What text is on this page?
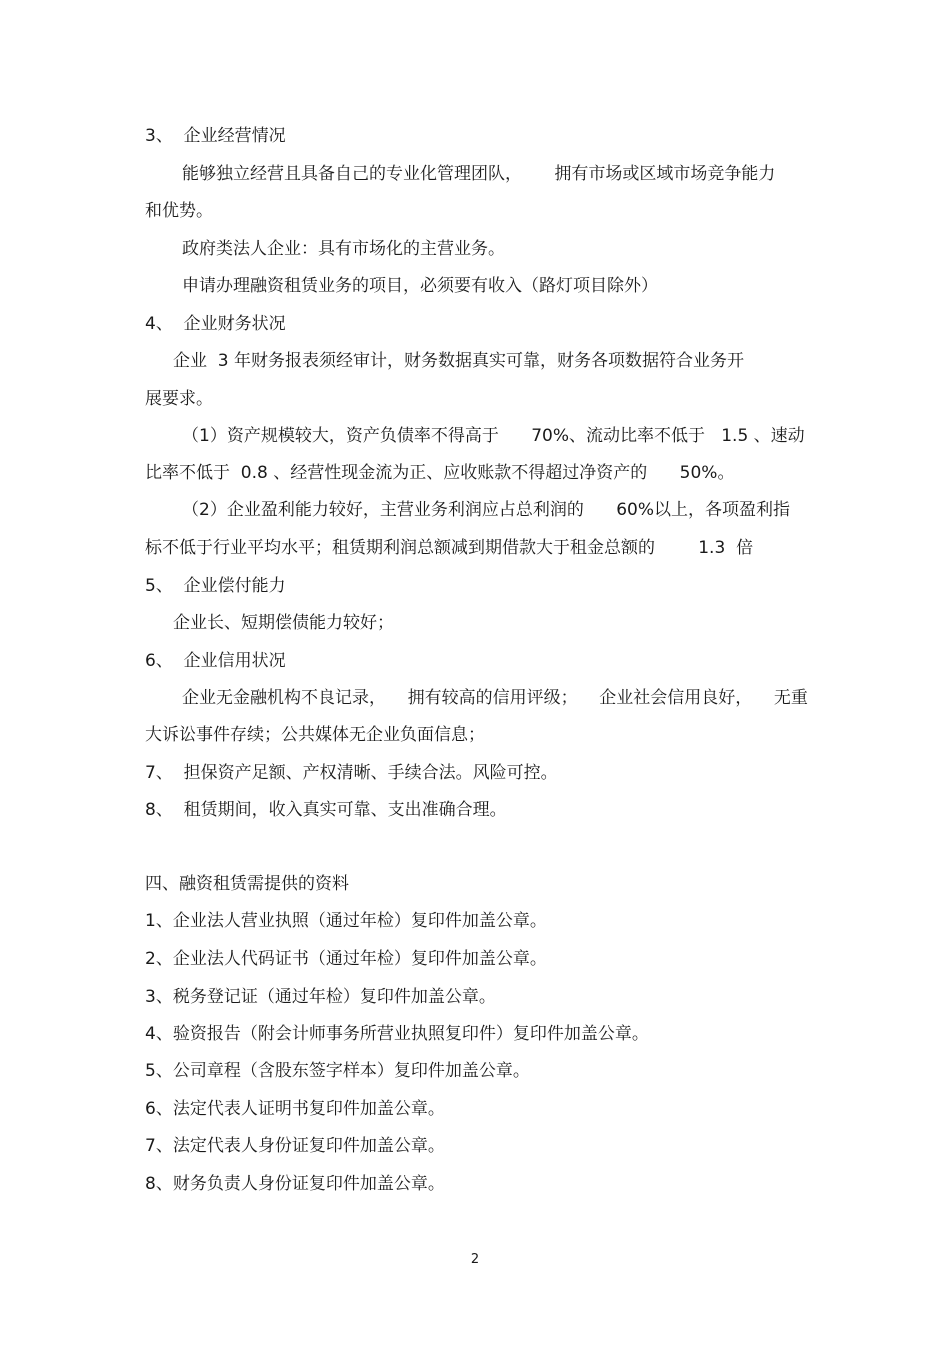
3、  企业经营情况
能够独立经营且具备自己的专业化管理团队，      拥有市场或区域市场竞争能力
和优势。
政府类法人企业：具有市场化的主营业务。
申请办理融资租赁业务的项目，必须要有收入（路灯项目除外）
4、  企业财务状况
企业  3 年财务报表须经审计，财务数据真实可靠，财务各项数据符合业务开
展要求。
（1）资产规模较大，资产负债率不得高于      70%、流动比率不低于   1.5 、速动
比率不低于  0.8 、经营性现金流为正、应收账款不得超过净资产的      50%。
（2）企业盈利能力较好，主营业务利润应占总利润的      60%以上，各项盈利指
标不低于行业平均水平；租赁期利润总额减到期借款大于租金总额的        1.3  倍
5、  企业偿付能力
企业长、短期偿债能力较好；
6、  企业信用状况
企业无金融机构不良记录，    拥有较高的信用评级；    企业社会信用良好，    无重
大诉讼事件存续；公共媒体无企业负面信息；
7、  担保资产足额、产权清晰、手续合法。风险可控。
8、  租赁期间，收入真实可靠、支出准确合理。
四、融资租赁需提供的资料
1、企业法人营业执照（通过年检）复印件加盖公章。
2、企业法人代码证书（通过年检）复印件加盖公章。
3、税务登记证（通过年检）复印件加盖公章。
4、验资报告（附会计师事务所营业执照复印件）复印件加盖公章。
5、公司章程（含股东签字样本）复印件加盖公章。
6、法定代表人证明书复印件加盖公章。
7、法定代表人身份证复印件加盖公章。
8、财务负责人身份证复印件加盖公章。
2
